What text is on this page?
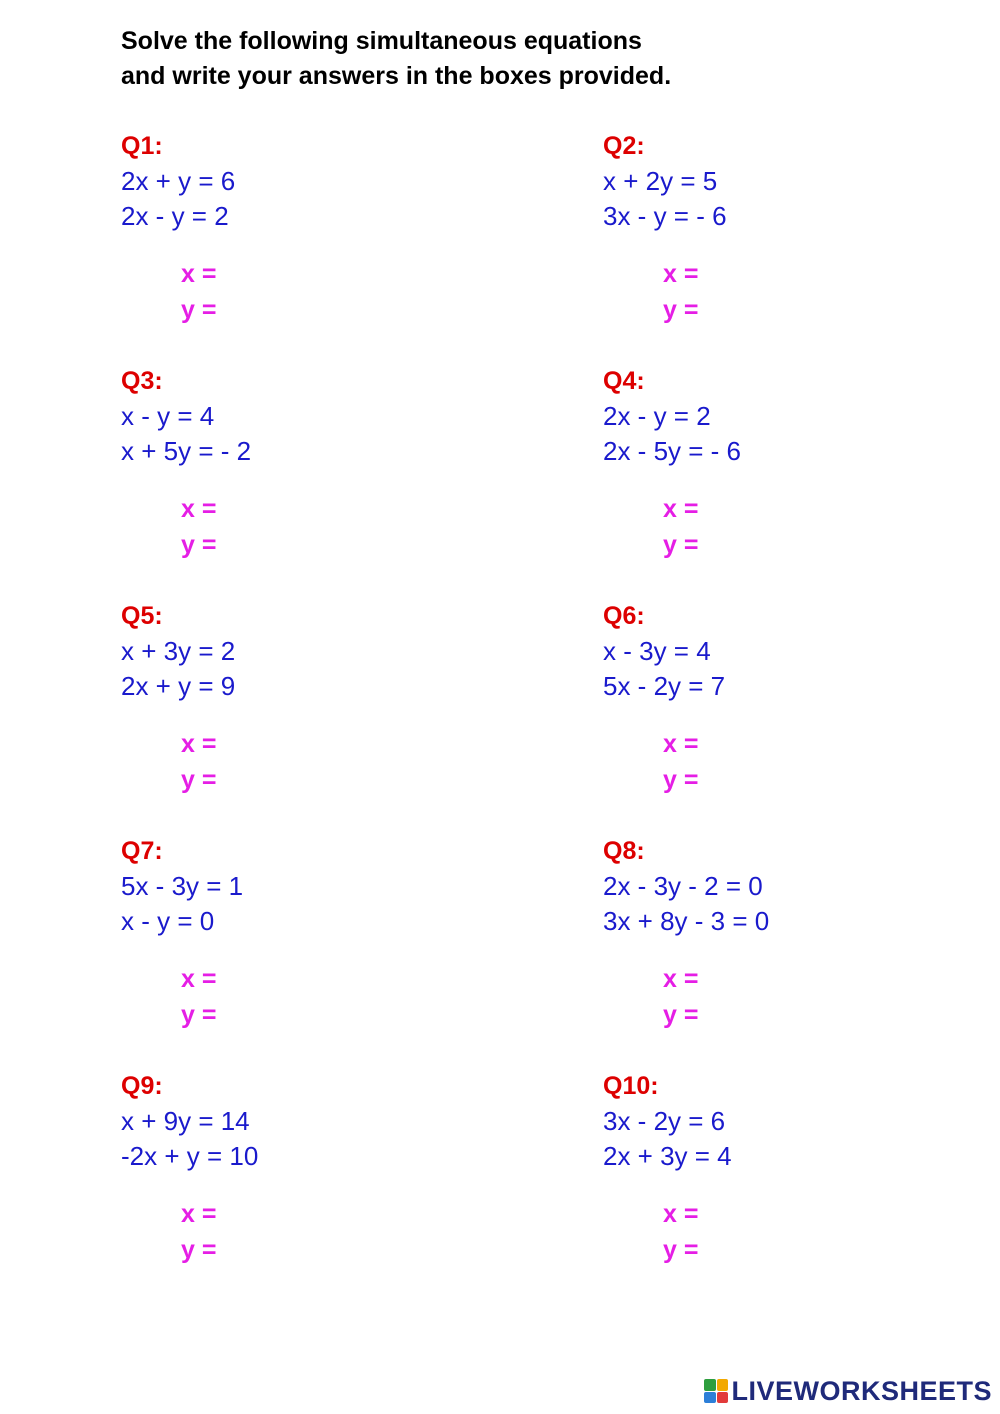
Solve the following simultaneous equations
and write your answers in the boxes provided.
Q1:
2x + y = 6
2x - y = 2
x =
y =
Q2:
x + 2y = 5
3x - y = - 6
x =
y =
Q3:
x - y = 4
x + 5y = - 2
x =
y =
Q4:
2x - y = 2
2x - 5y = - 6
x =
y =
Q5:
x + 3y = 2
2x + y = 9
x =
y =
Q6:
x - 3y = 4
5x - 2y = 7
x =
y =
Q7:
5x - 3y = 1
x - y = 0
x =
y =
Q8:
2x - 3y - 2 = 0
3x + 8y - 3 = 0
x =
y =
Q9:
x + 9y = 14
-2x + y = 10
x =
y =
Q10:
3x - 2y = 6
2x + 3y = 4
x =
y =
LIVEWORKSHEETS
